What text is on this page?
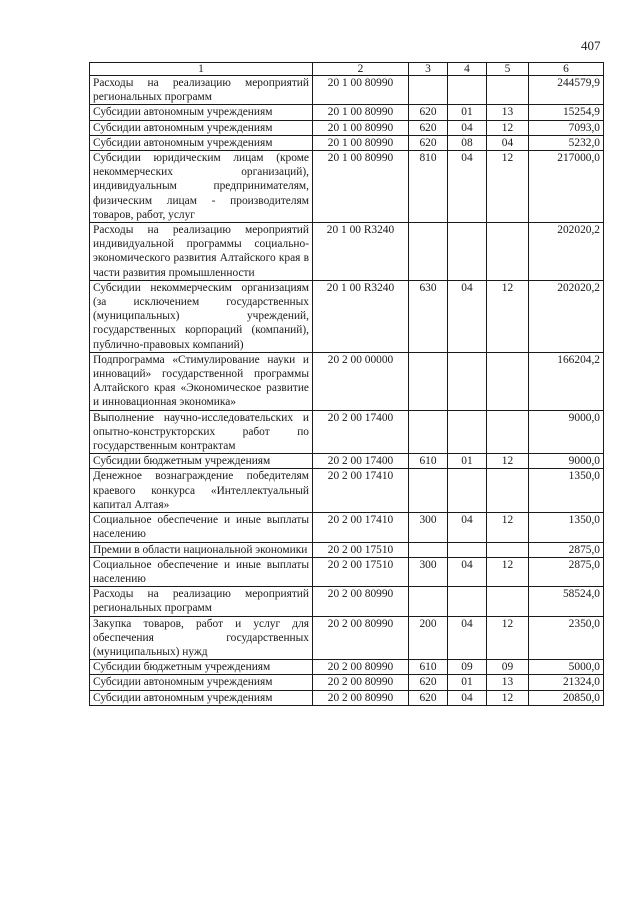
407
1	2	3	4	5	6
Расходы на реализацию мероприятий региональных программ	20 1 00 80990				244579,9
Субсидии автономным учреждениям	20 1 00 80990	620	01	13	15254,9
Субсидии автономным учреждениям	20 1 00 80990	620	04	12	7093,0
Субсидии автономным учреждениям	20 1 00 80990	620	08	04	5232,0
Субсидии юридическим лицам (кроме некоммерческих организаций), индивидуальным предпринимателям, физическим лицам - производителям товаров, работ, услуг	20 1 00 80990	810	04	12	217000,0
Расходы на реализацию мероприятий индивидуальной программы социально-экономического развития Алтайского края в части развития промышленности	20 1 00 R3240				202020,2
Субсидии некоммерческим организациям (за исключением государственных (муниципальных) учреждений, государственных корпораций (компаний), публично-правовых компаний)	20 1 00 R3240	630	04	12	202020,2
Подпрограмма «Стимулирование науки и инноваций» государственной программы Алтайского края «Экономическое развитие и инновационная экономика»	20 2 00 00000				166204,2
Выполнение научно-исследовательских и опытно-конструкторских работ по государственным контрактам	20 2 00 17400				9000,0
Субсидии бюджетным учреждениям	20 2 00 17400	610	01	12	9000,0
Денежное вознаграждение победителям краевого конкурса «Интеллектуальный капитал Алтая»	20 2 00 17410				1350,0
Социальное обеспечение и иные выплаты населению	20 2 00 17410	300	04	12	1350,0
Премии в области национальной экономики	20 2 00 17510				2875,0
Социальное обеспечение и иные выплаты населению	20 2 00 17510	300	04	12	2875,0
Расходы на реализацию мероприятий региональных программ	20 2 00 80990				58524,0
Закупка товаров, работ и услуг для обеспечения государственных (муниципальных) нужд	20 2 00 80990	200	04	12	2350,0
Субсидии бюджетным учреждениям	20 2 00 80990	610	09	09	5000,0
Субсидии автономным учреждениям	20 2 00 80990	620	01	13	21324,0
Субсидии автономным учреждениям	20 2 00 80990	620	04	12	20850,0
